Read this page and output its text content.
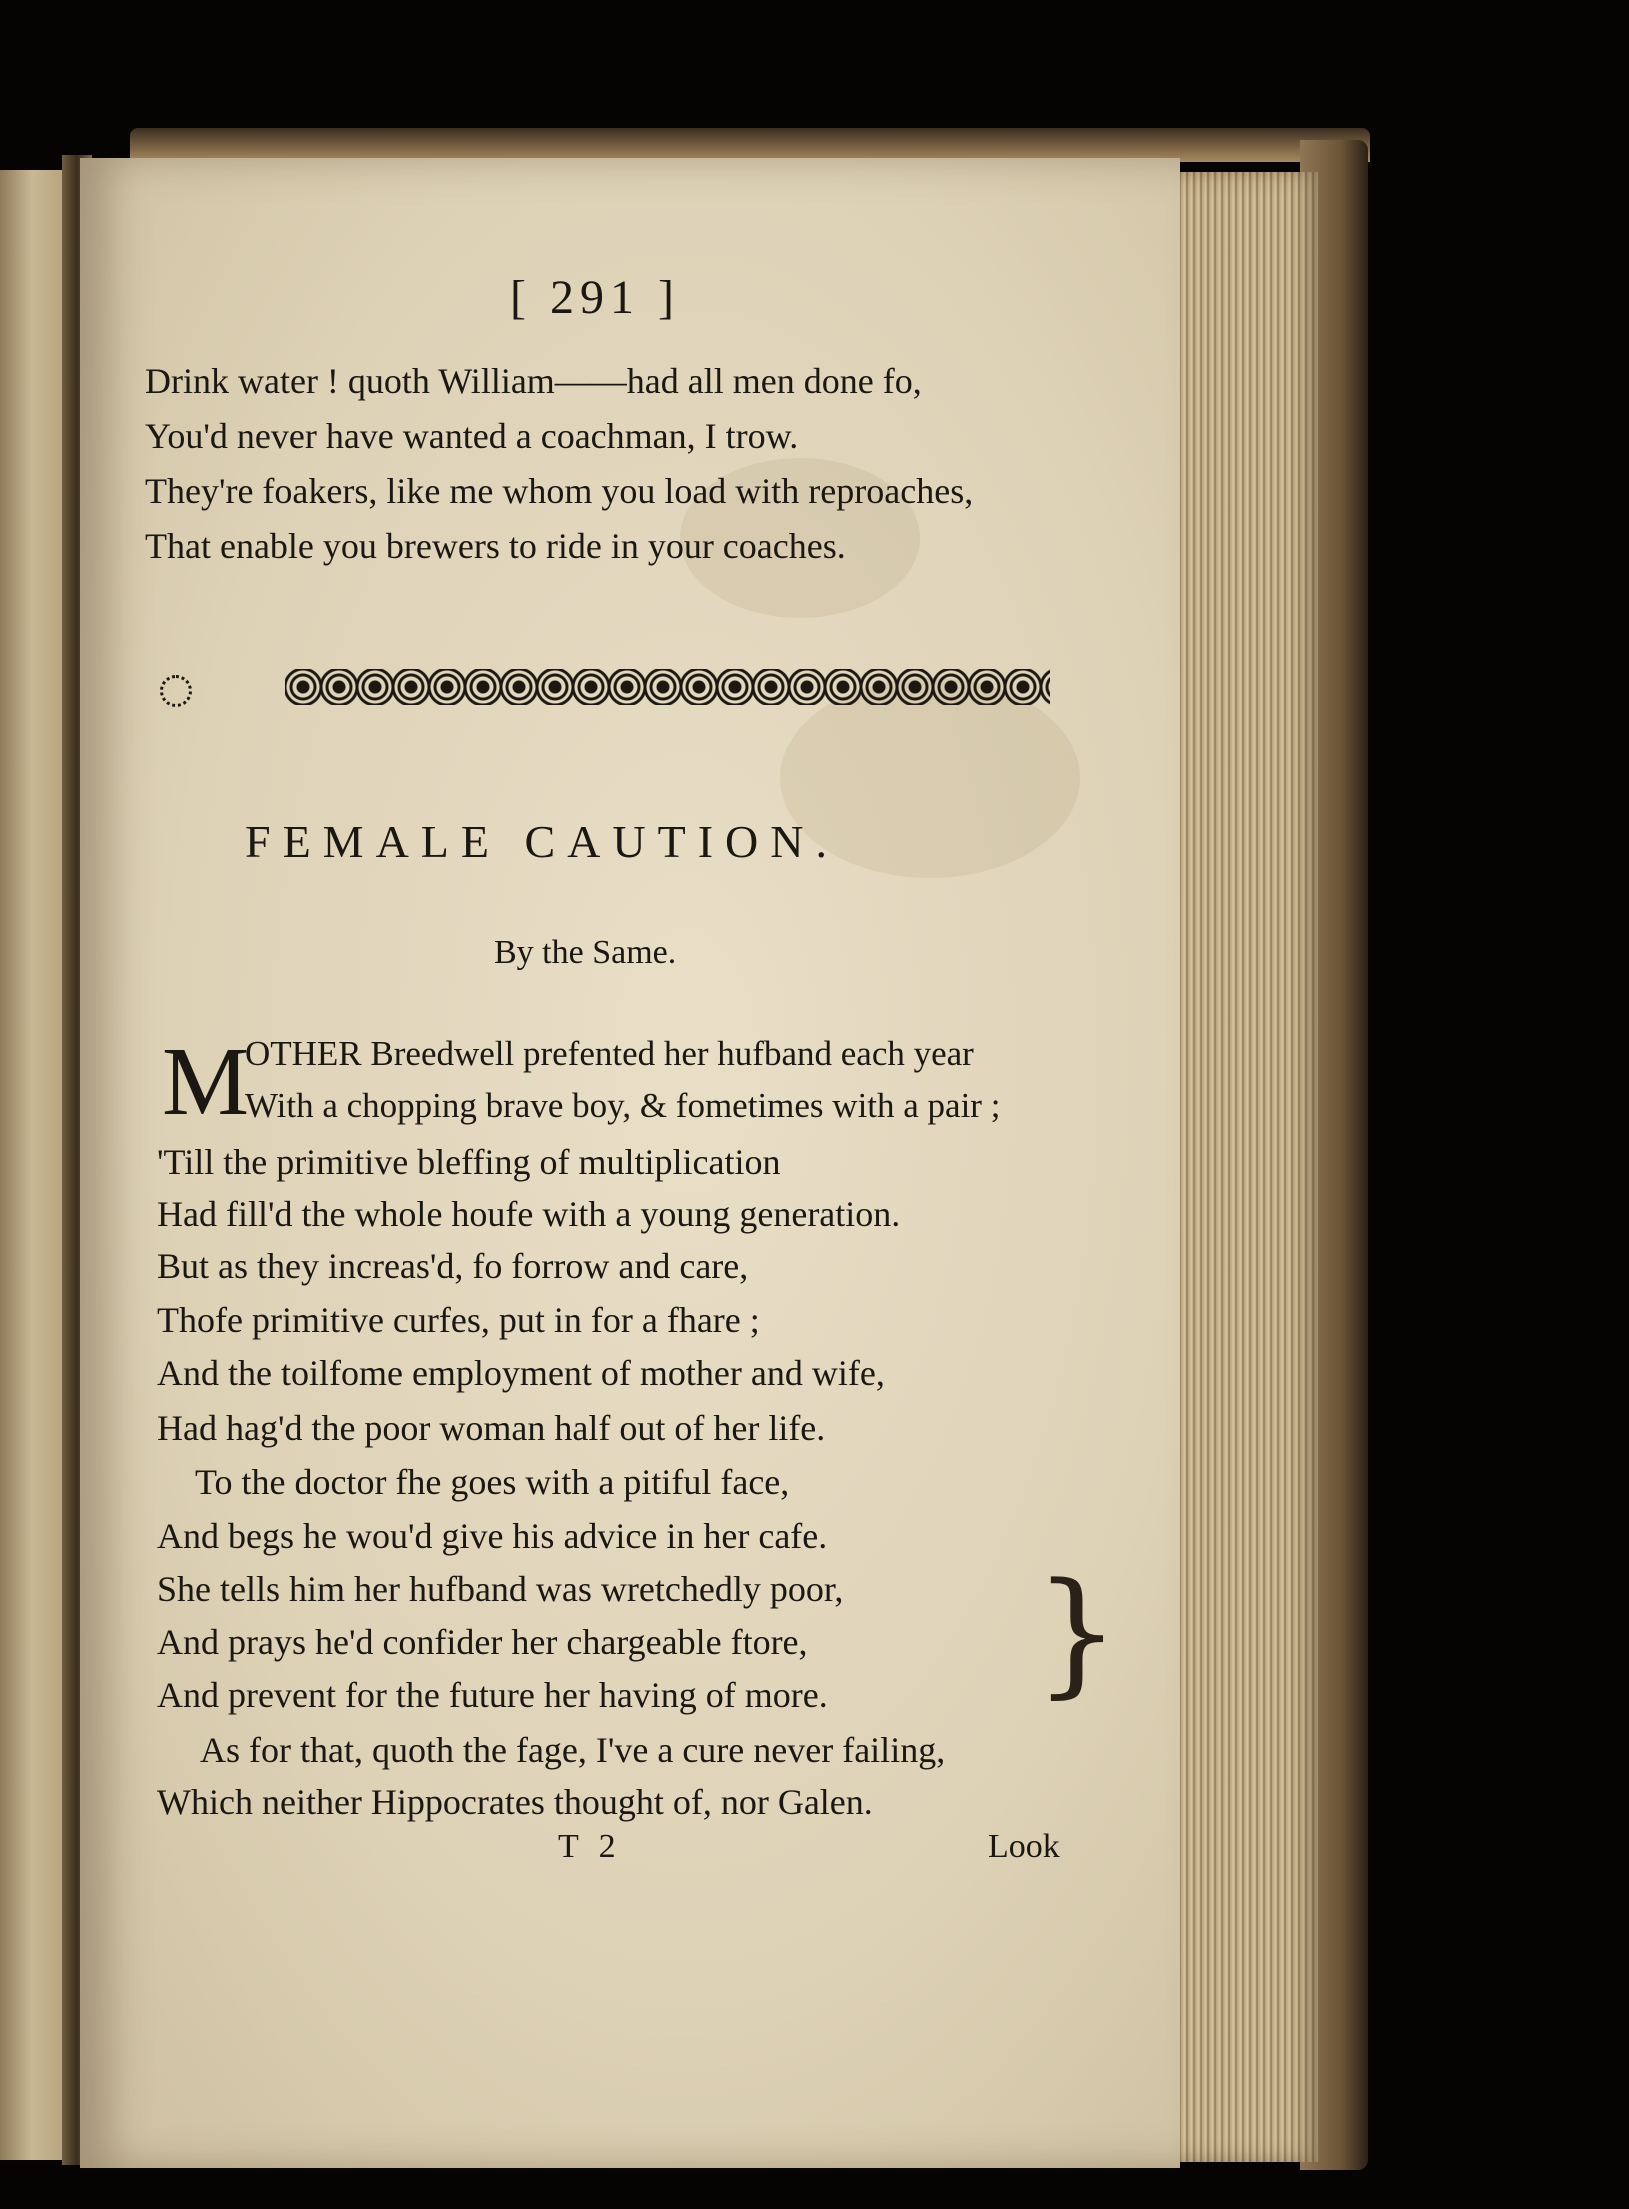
[ 291 ]
Drink water ! quoth William——had all men done fo,
You'd never have wanted a coachman, I trow.
They're foakers, like me whom you load with reproaches,
That enable you brewers to ride in your coaches.
FEMALE CAUTION.
By the Same.
M
OTHER Breedwell prefented her hufband each year
With a chopping brave boy, & fometimes with a pair ;
'Till the primitive bleffing of multiplication
Had fill'd the whole houfe with a young generation.
But as they increas'd, fo forrow and care,
Thofe primitive curfes, put in for a fhare ;
And the toilfome employment of mother and wife,
Had hag'd the poor woman half out of her life.
To the doctor fhe goes with a pitiful face,
And begs he wou'd give his advice in her cafe.
She tells him her hufband was wretchedly poor,
And prays he'd confider her chargeable ftore,
And prevent for the future her having of more. }
As for that, quoth the fage, I've a cure never failing,
Which neither Hippocrates thought of, nor Galen.
T 2	Look
